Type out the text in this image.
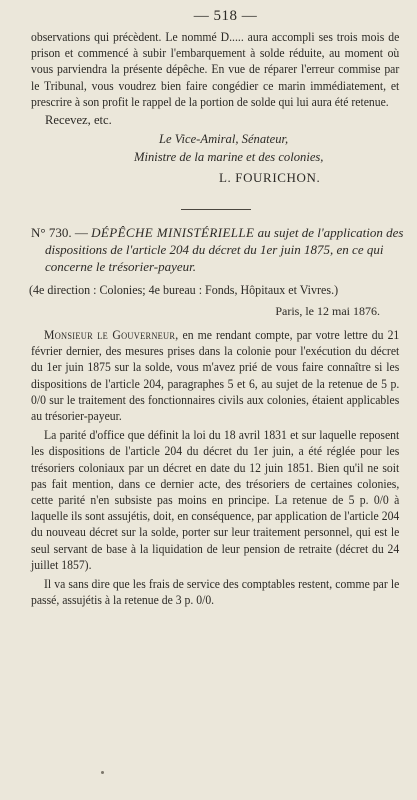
— 518 —

observations qui précèdent. Le nommé D..... aura accompli ses trois mois de prison et commencé à subir l'embarquement à solde réduite, au moment où vous parviendra la présente dépêche. En vue de réparer l'erreur commise par le Tribunal, vous voudrez bien faire congédier ce marin immédiatement, et prescrire à son profit le rappel de la portion de solde qui lui aura été retenue.

Recevez, etc.

Le Vice-Amiral, Sénateur,

Ministre de la marine et des colonies,

L. FOURICHON.

N° 730. — DÉPÊCHE MINISTÉRIELLE au sujet de l'application des dispositions de l'article 204 du décret du 1er juin 1875, en ce qui concerne le trésorier-payeur.

(4e direction : Colonies; 4e bureau : Fonds, Hôpitaux et Vivres.)
Paris, le 12 mai 1876.

Monsieur le Gouverneur, en me rendant compte, par votre lettre du 21 février dernier, des mesures prises dans la colonie pour l'exécution du décret du 1er juin 1875 sur la solde, vous m'avez prié de vous faire connaître si les dispositions de l'article 204, paragraphes 5 et 6, au sujet de la retenue de 5 p. 0/0 sur le traitement des fonctionnaires civils aux colonies, étaient applicables au trésorier-payeur.

La parité d'office que définit la loi du 18 avril 1831 et sur laquelle reposent les dispositions de l'article 204 du décret du 1er juin, a été réglée pour les trésoriers coloniaux par un décret en date du 12 juin 1851. Bien qu'il ne soit pas fait mention, dans ce dernier acte, des trésoriers de certaines colonies, cette parité n'en subsiste pas moins en principe. La retenue de 5 p. 0/0 à laquelle ils sont assujétis, doit, en conséquence, par application de l'article 204 du nouveau décret sur la solde, porter sur leur traitement personnel, qui est le seul servant de base à la liquidation de leur pension de retraite (décret du 24 juillet 1857).

Il va sans dire que les frais de service des comptables restent, comme par le passé, assujétis à la retenue de 3 p. 0/0.
